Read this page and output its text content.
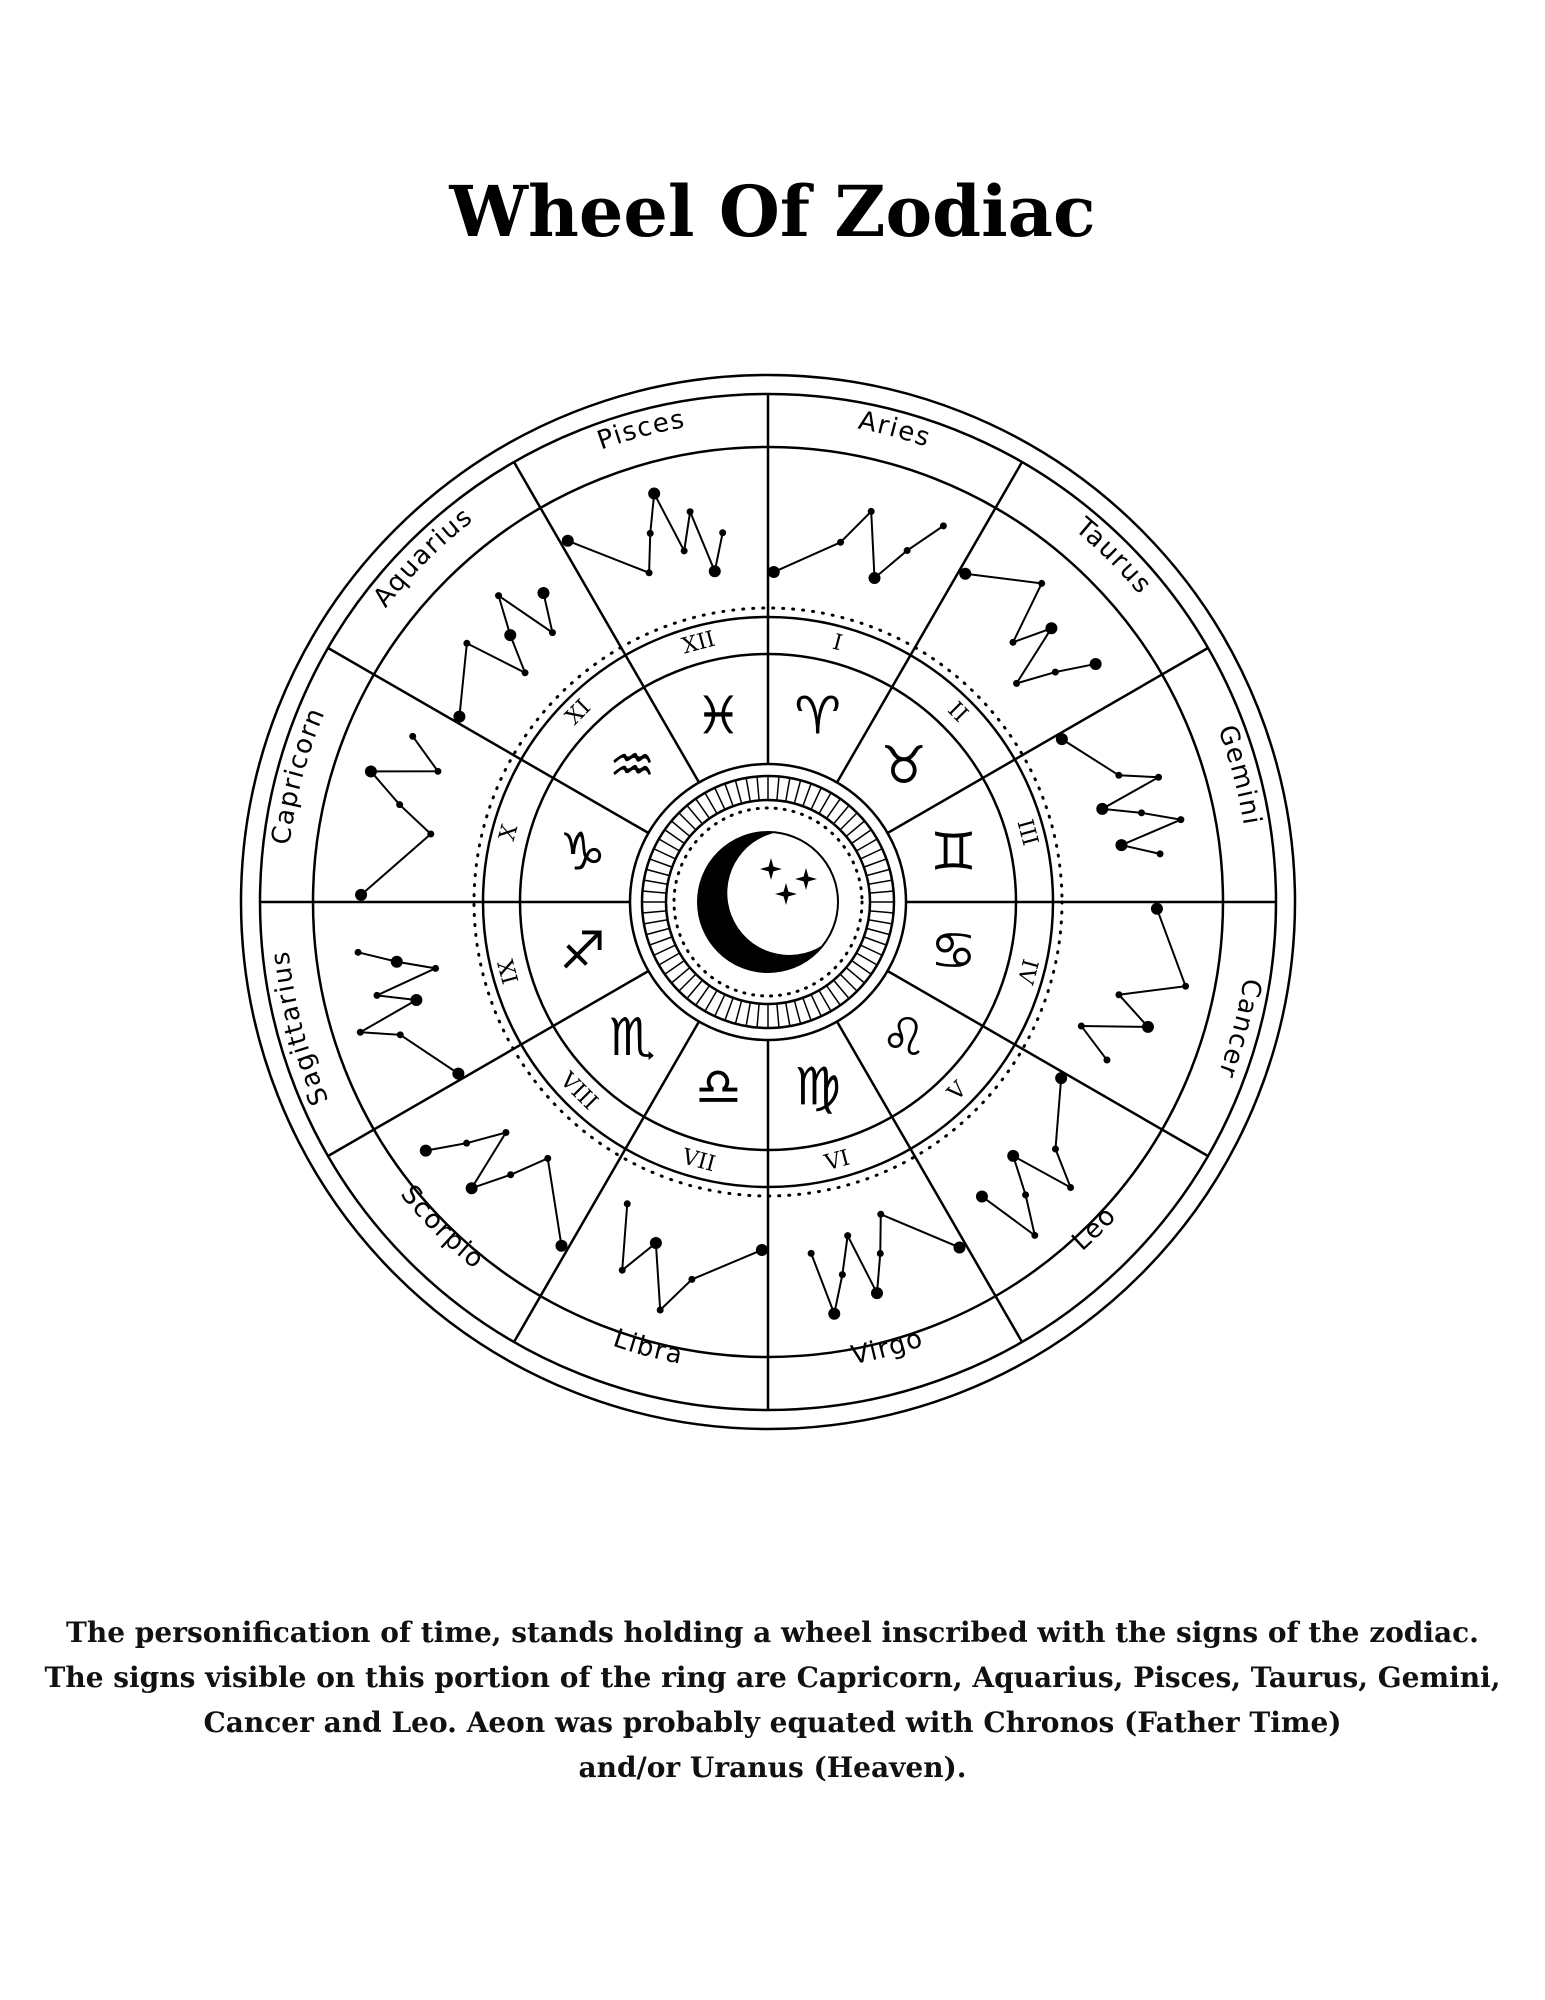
Wheel Of Zodiac
Aries
I
♈
Taurus
II
♉	Gemini
III
♊
Cancer
IV
♋
Leo
V
♌
Virgo
VI
♍
Libra
VII
♎
Scorpio
VIII
♏
Sagittarius	IX ♐
Capricorn
X ♑
Aquarius
XI
♒
Pisces
XII
♓

The personification of time, stands holding a wheel inscribed with the signs of the zodiac.

The signs visible on this portion of the ring are Capricorn, Aquarius, Pisces, Taurus, Gemini,

Cancer and Leo. Aeon was probably equated with Chronos (Father Time)

and/or Uranus (Heaven).
